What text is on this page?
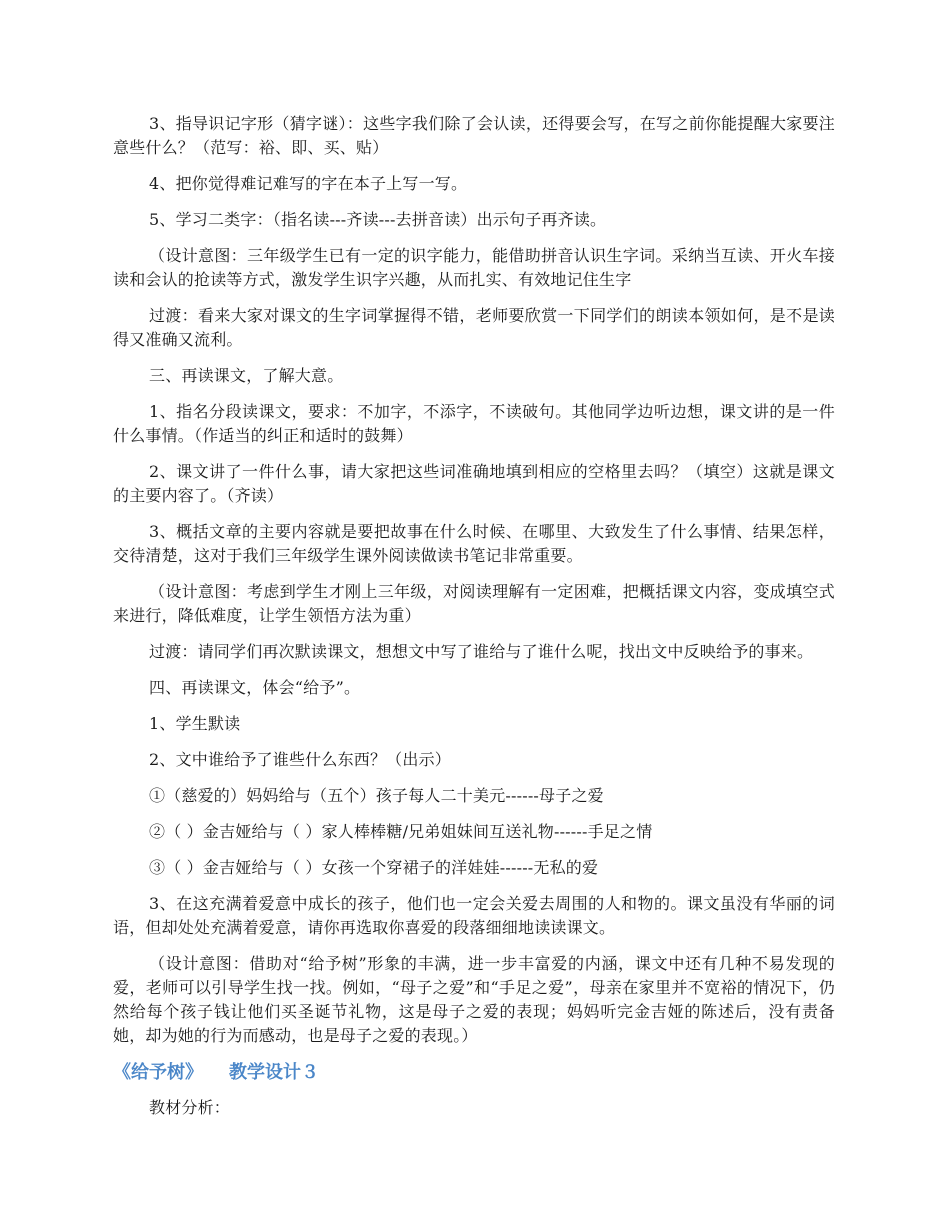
3、指导识记字形（猜字谜）：这些字我们除了会认读，还得要会写，在写之前你能提醒大家要注意些什么？（范写：裕、即、买、贴）

4、把你觉得难记难写的字在本子上写一写。

5、学习二类字：（指名读---齐读---去拼音读）出示句子再齐读。

（设计意图：三年级学生已有一定的识字能力，能借助拼音认识生字词。采纳当互读、开火车接读和会认的抢读等方式，激发学生识字兴趣，从而扎实、有效地记住生字

过渡：看来大家对课文的生字词掌握得不错，老师要欣赏一下同学们的朗读本领如何，是不是读得又准确又流利。

三、再读课文，了解大意。

1、指名分段读课文，要求：不加字，不添字，不读破句。其他同学边听边想，课文讲的是一件什么事情。（作适当的纠正和适时的鼓舞）

2、课文讲了一件什么事，请大家把这些词准确地填到相应的空格里去吗？（填空）这就是课文的主要内容了。（齐读）

3、概括文章的主要内容就是要把故事在什么时候、在哪里、大致发生了什么事情、结果怎样，交待清楚，这对于我们三年级学生课外阅读做读书笔记非常重要。

（设计意图：考虑到学生才刚上三年级，对阅读理解有一定困难，把概括课文内容，变成填空式来进行，降低难度，让学生领悟方法为重）

过渡：请同学们再次默读课文，想想文中写了谁给与了谁什么呢，找出文中反映给予的事来。

四、再读课文，体会“给予”。

1、学生默读

2、文中谁给予了谁些什么东西？（出示）

①（慈爱的）妈妈给与（五个）孩子每人二十美元------母子之爱

②（ ）金吉娅给与（ ）家人棒棒糖/兄弟姐妹间互送礼物------手足之情

③（ ）金吉娅给与（ ）女孩一个穿裙子的洋娃娃------无私的爱

3、在这充满着爱意中成长的孩子，他们也一定会关爱去周围的人和物的。课文虽没有华丽的词语，但却处处充满着爱意，请你再选取你喜爱的段落细细地读读课文。

（设计意图：借助对“给予树”形象的丰满，进一步丰富爱的内涵，课文中还有几种不易发现的爱，老师可以引导学生找一找。例如，“母子之爱”和“手足之爱”，母亲在家里并不宽裕的情况下，仍然给每个孩子钱让他们买圣诞节礼物，这是母子之爱的表现；妈妈听完金吉娅的陈述后，没有责备她，却为她的行为而感动，也是母子之爱的表现。）

《给予树》 教学设计３

教材分析：
